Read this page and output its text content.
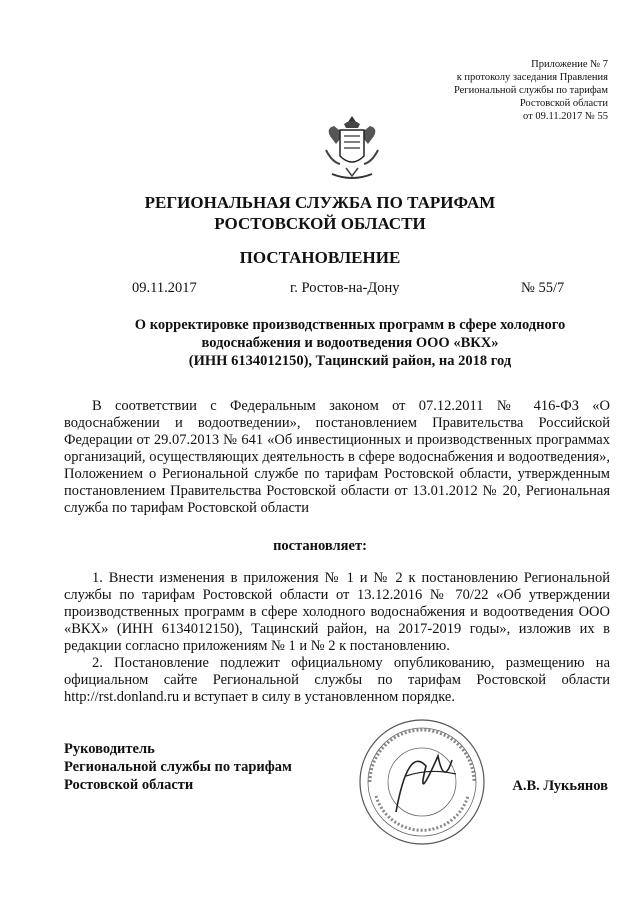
Приложение № 7
к протоколу заседания Правления
Региональной службы по тарифам
Ростовской области
от 09.11.2017 № 55
РЕГИОНАЛЬНАЯ СЛУЖБА ПО ТАРИФАМ
РОСТОВСКОЙ ОБЛАСТИ
ПОСТАНОВЛЕНИЕ
09.11.2017	г. Ростов-на-Дону	№ 55/7
О корректировке производственных программ в сфере холодного
водоснабжения и водоотведения ООО «ВКХ»
(ИНН 6134012150), Тацинский район, на 2018 год
В соответствии с Федеральным законом от 07.12.2011 № 416-ФЗ «О водоснабжении и водоотведении», постановлением Правительства Российской Федерации от 29.07.2013 № 641 «Об инвестиционных и производственных программах организаций, осуществляющих деятельность в сфере водоснабжения и водоотведения», Положением о Региональной службе по тарифам Ростовской области, утвержденным постановлением Правительства Ростовской области от 13.01.2012 № 20, Региональная служба по тарифам Ростовской области
постановляет:

1. Внести изменения в приложения № 1 и № 2 к постановлению Региональной службы по тарифам Ростовской области от 13.12.2016 № 70/22 «Об утверждении производственных программ в сфере холодного водоснабжения и водоотведения ООО «ВКХ» (ИНН 6134012150), Тацинский район, на 2017-2019 годы», изложив их в редакции согласно приложениям № 1 и № 2 к постановлению.

2. Постановление подлежит официальному опубликованию, размещению на официальном сайте Региональной службы по тарифам Ростовской области http://rst.donland.ru и вступает в силу в установленном порядке.

Руководитель
Региональной службы по тарифам
Ростовской области	А.В. Лукьянов
